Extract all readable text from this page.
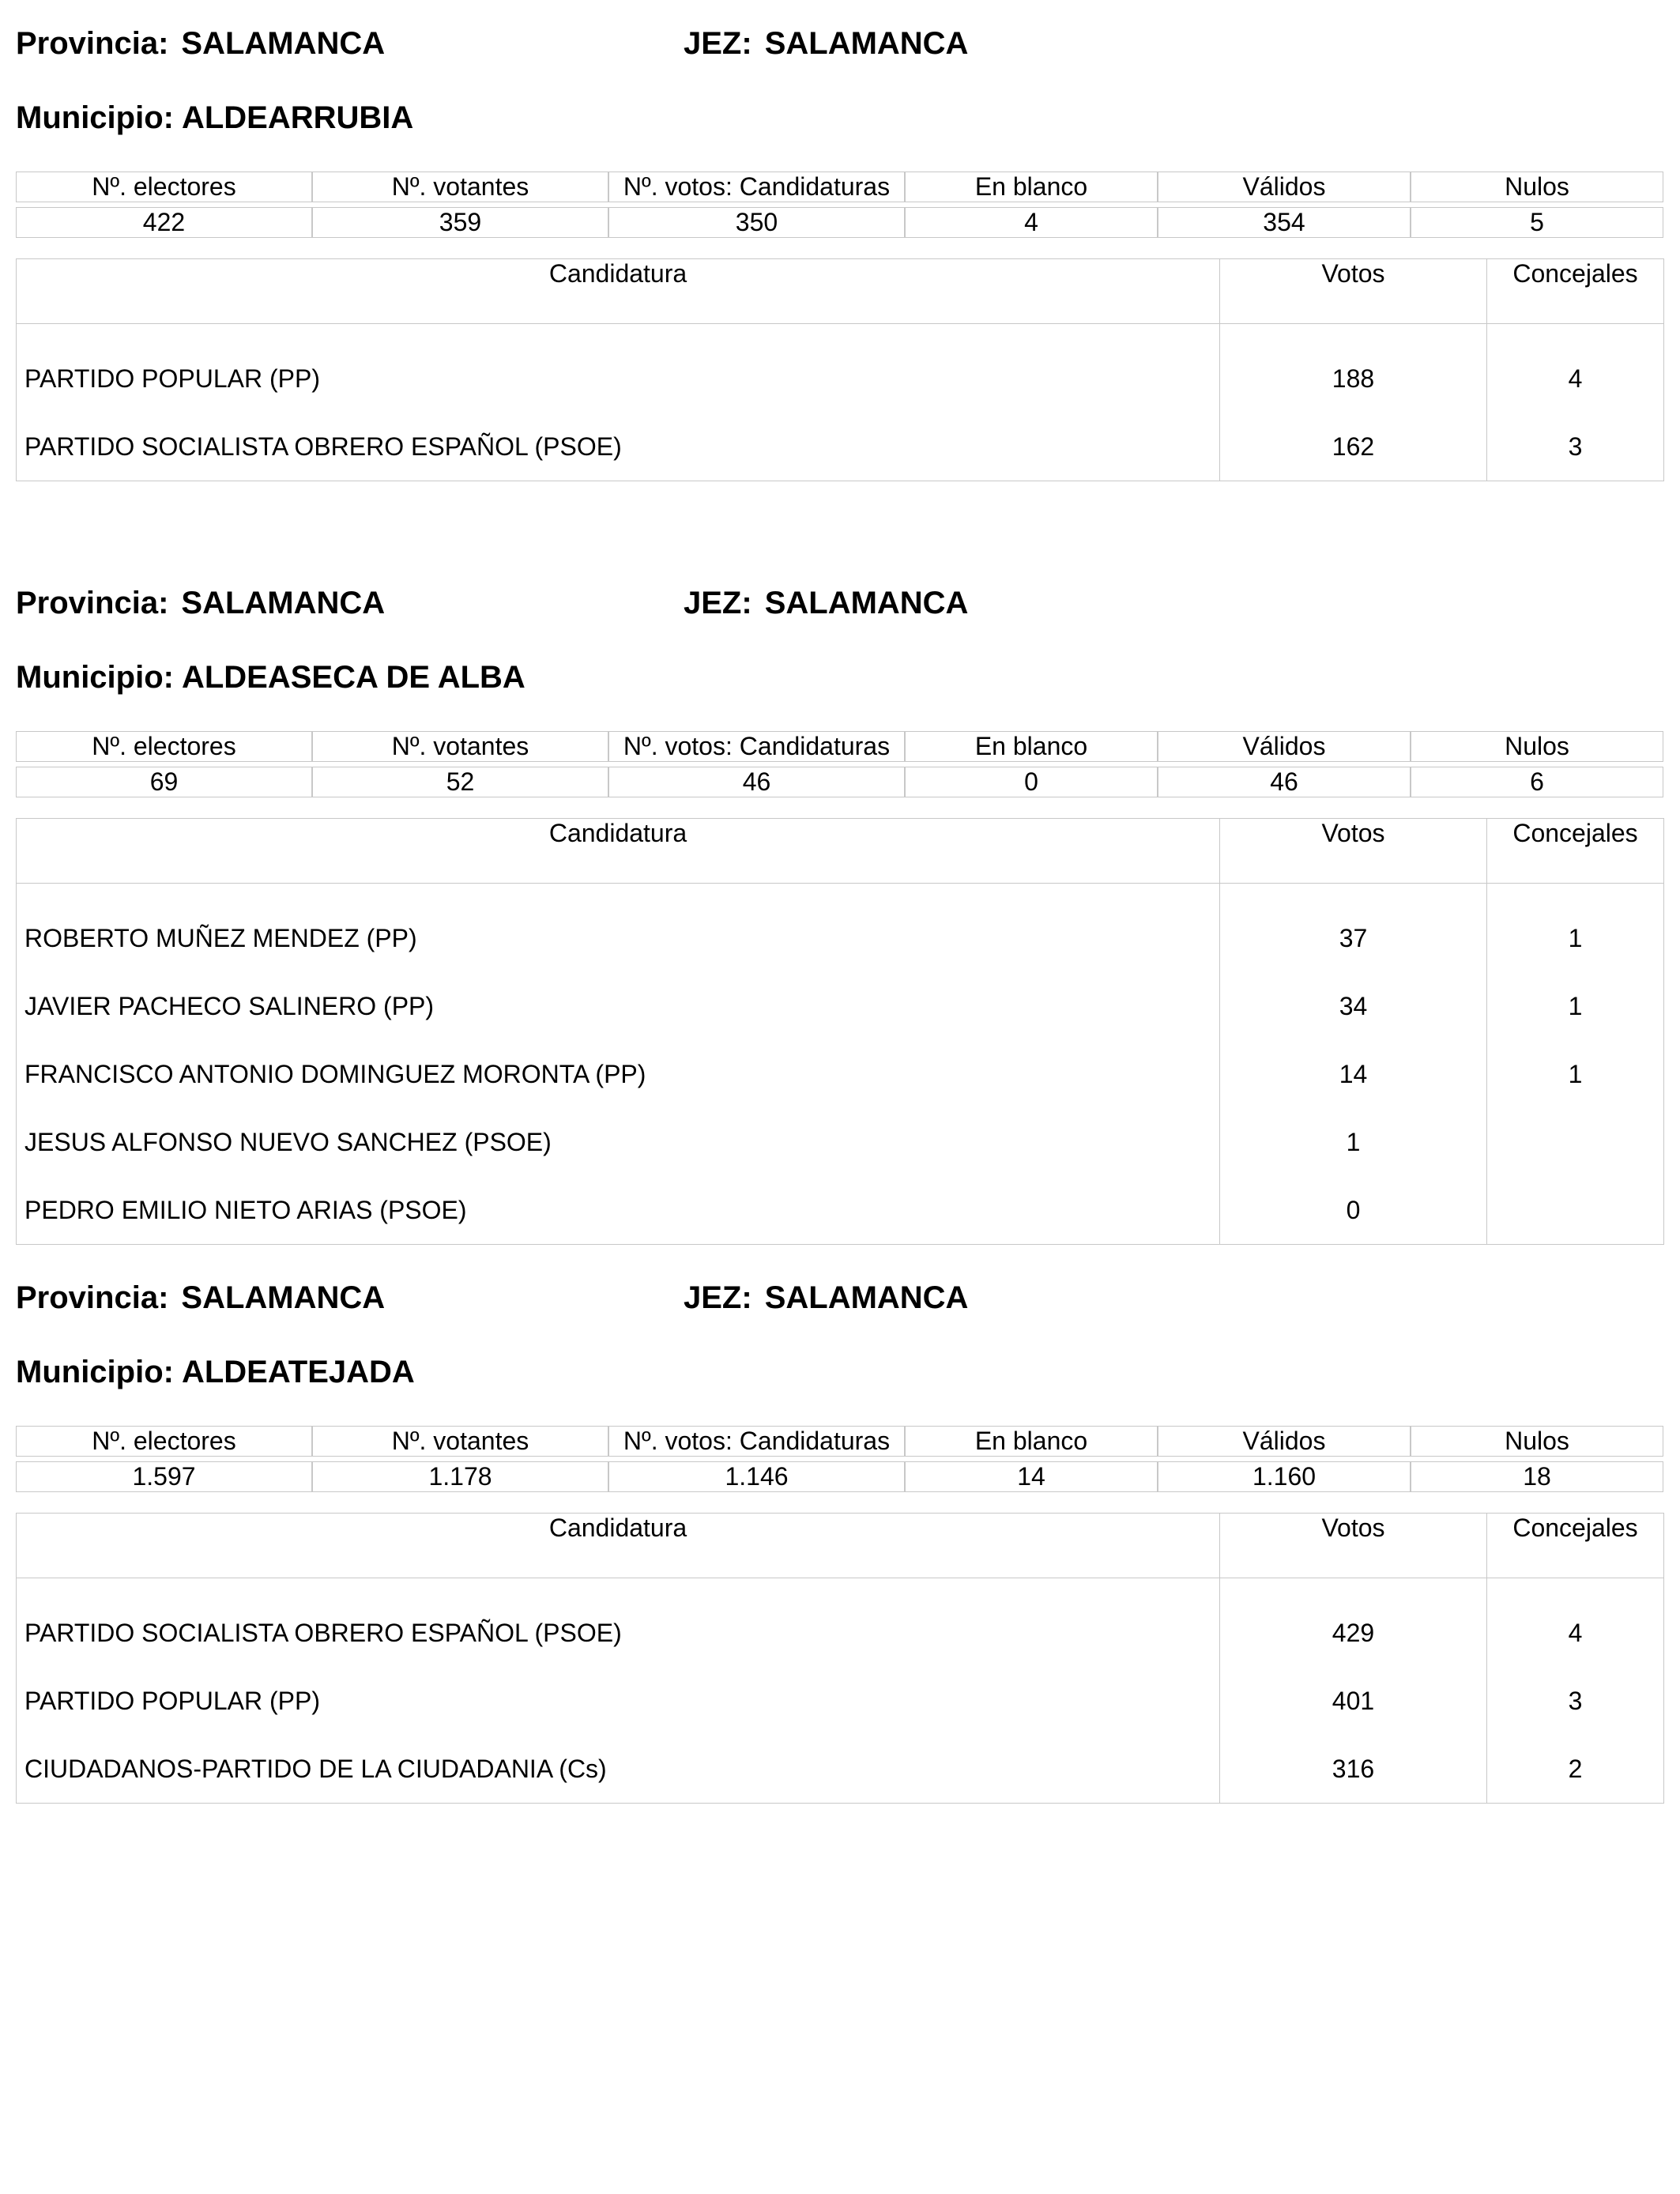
Provincia: SALAMANCA	JEZ: SALAMANCA
Municipio: ALDEARRUBIA
Nº. electores	Nº. votantes	Nº. votos: Candidaturas	En blanco	Válidos	Nulos

422	359	350	4	354	5
Candidatura	Votos	Concejales
PARTIDO POPULAR (PP)	188	4
PARTIDO SOCIALISTA OBRERO ESPAÑOL (PSOE)	162	3
Provincia: SALAMANCA	JEZ: SALAMANCA
Municipio: ALDEASECA DE ALBA
Nº. electores	Nº. votantes	Nº. votos: Candidaturas	En blanco	Válidos	Nulos

69	52	46	0	46	6
Candidatura	Votos	Concejales
ROBERTO MUÑEZ MENDEZ (PP)	37	1
JAVIER PACHECO SALINERO (PP)	34	1
FRANCISCO ANTONIO DOMINGUEZ MORONTA (PP)	14	1
JESUS ALFONSO NUEVO SANCHEZ (PSOE)	1	
PEDRO EMILIO NIETO ARIAS (PSOE)	0	
Provincia: SALAMANCA	JEZ: SALAMANCA
Municipio: ALDEATEJADA
Nº. electores	Nº. votantes	Nº. votos: Candidaturas	En blanco	Válidos	Nulos

1.597	1.178	1.146	14	1.160	18
Candidatura	Votos	Concejales
PARTIDO SOCIALISTA OBRERO ESPAÑOL (PSOE)	429	4
PARTIDO POPULAR (PP)	401	3
CIUDADANOS-PARTIDO DE LA CIUDADANIA (Cs)	316	2
